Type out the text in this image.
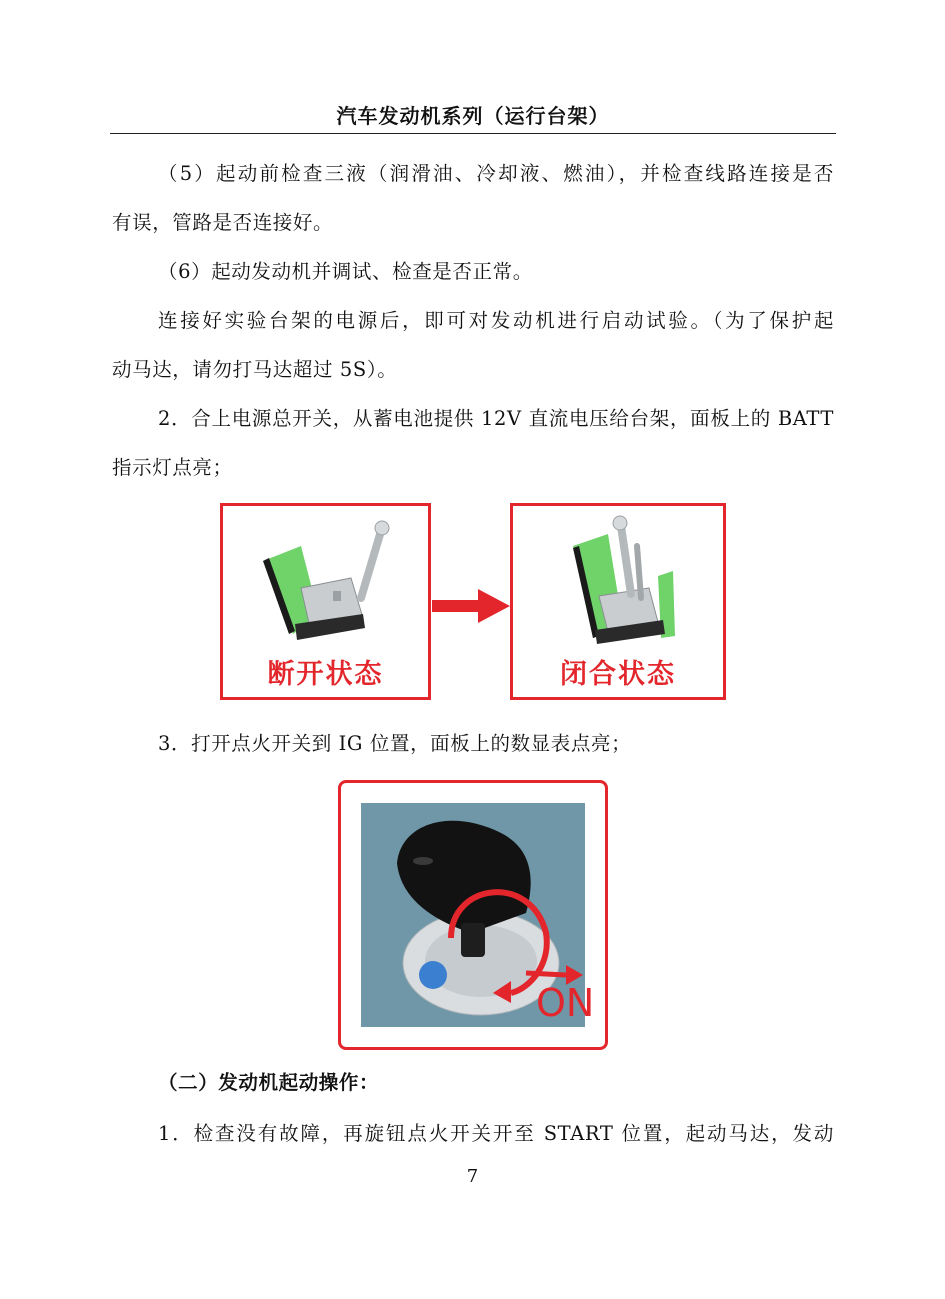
汽车发动机系列（运行台架）
（5）起动前检查三液（润滑油、冷却液、燃油），并检查线路连接是否
有误，管路是否连接好。
（6）起动发动机并调试、检查是否正常。
连接好实验台架的电源后，即可对发动机进行启动试验。（为了保护起
动马达，请勿打马达超过 5S）。
2．合上电源总开关，从蓄电池提供 12V 直流电压给台架，面板上的 BATT
指示灯点亮；
断开状态	闭合状态
3．打开点火开关到 IG 位置，面板上的数显表点亮；
ON
（二）发动机起动操作：
1．检查没有故障，再旋钮点火开关开至 START 位置，起动马达，发动
7
